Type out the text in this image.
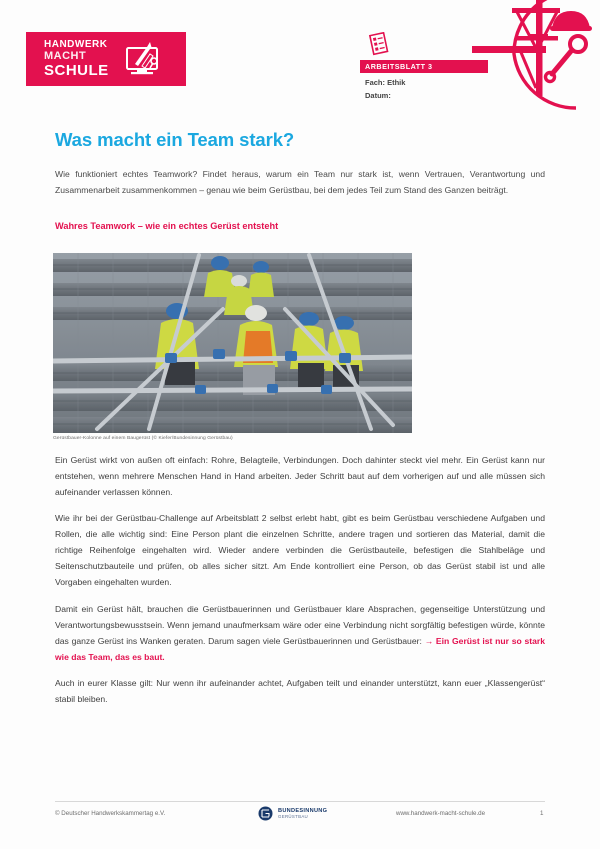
HANDWERK
MACHT
SCHULE	ARBEITSBLATT 3
Fach: Ethik
Datum:
Was macht ein Team stark?

Wie funktioniert echtes Teamwork? Findet heraus, warum ein Team nur stark ist, wenn Vertrauen, Verantwortung und Zusammenarbeit zusammenkommen – genau wie beim Gerüstbau, bei dem jedes Teil zum Stand des Ganzen beiträgt.

Wahres Teamwork – wie ein echtes Gerüst entsteht
Gerüstbauer-Kolonne auf einem Baugerüst (© Kiefer/Bundesinnung Gerüstbau)

Ein Gerüst wirkt von außen oft einfach: Rohre, Belagteile, Verbindungen. Doch dahinter steckt viel mehr. Ein Gerüst kann nur entstehen, wenn mehrere Menschen Hand in Hand arbeiten. Jeder Schritt baut auf dem vorherigen auf und alle müssen sich aufeinander verlassen können.

Wie ihr bei der Gerüstbau-Challenge auf Arbeitsblatt 2 selbst erlebt habt, gibt es beim Gerüstbau verschiedene Aufgaben und Rollen, die alle wichtig sind: Eine Person plant die einzelnen Schritte, andere tragen und sortieren das Material, damit die richtige Reihenfolge eingehalten wird. Wieder andere verbinden die Gerüstbauteile, befestigen die Stahlbeläge und Seitenschutzbauteile und prüfen, ob alles sicher sitzt. Am Ende kontrolliert eine Person, ob das Gerüst stabil ist und alle Vorgaben eingehalten wurden.

Damit ein Gerüst hält, brauchen die Gerüstbauerinnen und Gerüstbauer klare Absprachen, gegenseitige Unterstützung und Verantwortungsbewusstsein. Wenn jemand unaufmerksam wäre oder eine Verbindung nicht sorgfältig befestigen würde, könnte das ganze Gerüst ins Wanken geraten. Darum sagen viele Gerüstbauerinnen und Gerüstbauer: → Ein Gerüst ist nur so stark wie das Team, das es baut.

Auch in eurer Klasse gilt: Nur wenn ihr aufeinander achtet, Aufgaben teilt und einander unterstützt, kann euer „Klassengerüst“ stabil bleiben.

© Deutscher Handwerkskammertag e.V.	BUNDESINNUNG
GERÜSTBAU	www.handwerk-macht-schule.de	1
